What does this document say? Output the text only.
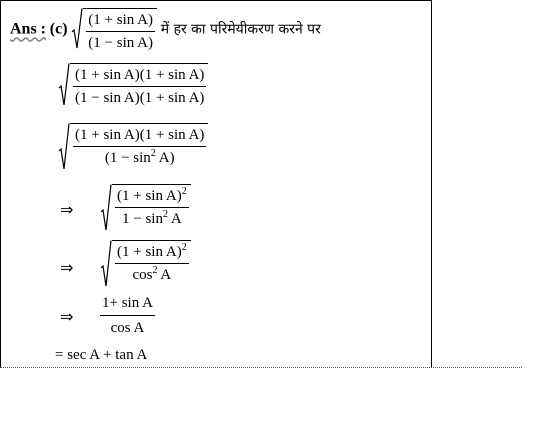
Ans : $(c) \frac{\text{(1 + sin A)}}{\text{(1 − sin A)}}$ में हर का परिमेयीकरण करने पर
$\frac{\text{(1 + sin A)(1 + sin A)}}{\text{(1 − sin A)(1 + sin A)}}$
$\frac{\text{(1 + sin A)(1 + sin A)}}{(1 - \sin^2 A)}$
⇒	$\frac{(1 + \sin A)^2}{1 - \sin^2 A}$
⇒	$\frac{(1 + \sin A)^2}{\cos^2 A}$
⇒ $\frac{\text{1+ sin A}}{\text{cos A}}$
= sec A + tan A
